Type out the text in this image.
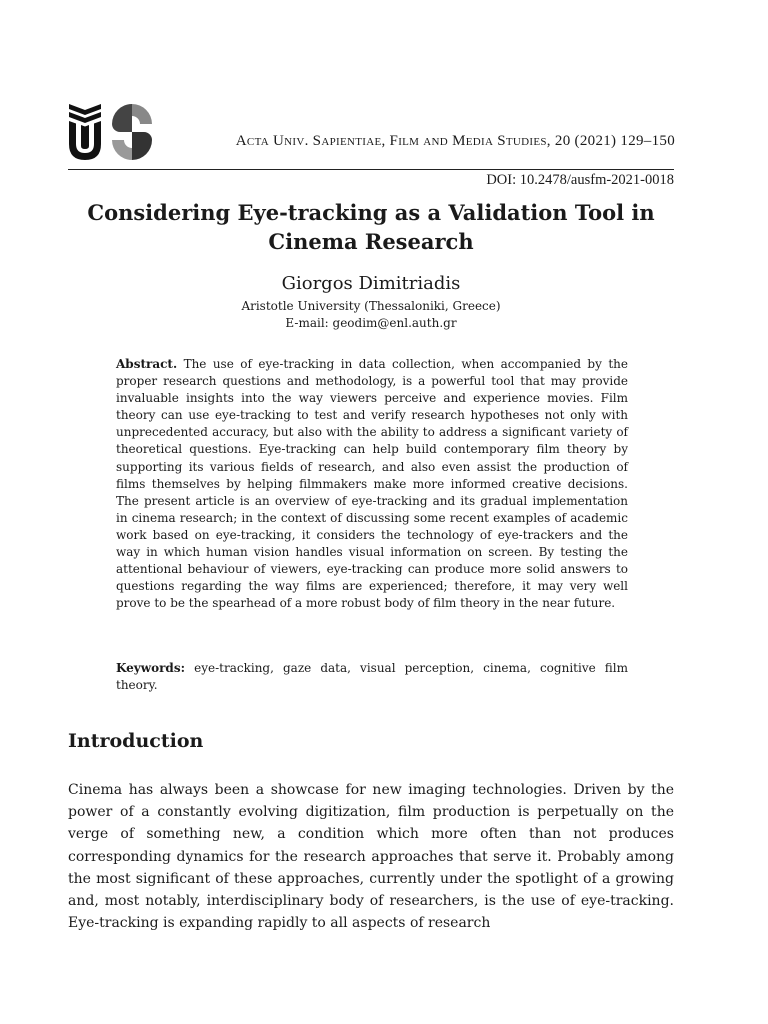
Acta Univ. Sapientiae, Film and Media Studies, 20 (2021) 129–150
DOI: 10.2478/ausfm-2021-0018
Considering Eye-tracking as a Validation Tool in Cinema Research
Giorgos Dimitriadis
Aristotle University (Thessaloniki, Greece)
E-mail: geodim@enl.auth.gr

Abstract. The use of eye-tracking in data collection, when accompanied by the proper research questions and methodology, is a powerful tool that may provide invaluable insights into the way viewers perceive and experience movies. Film theory can use eye-tracking to test and verify research hypotheses not only with unprecedented accuracy, but also with the ability to address a significant variety of theoretical questions. Eye-tracking can help build contemporary film theory by supporting its various fields of research, and also even assist the production of films themselves by helping filmmakers make more informed creative decisions. The present article is an overview of eye-tracking and its gradual implementation in cinema research; in the context of discussing some recent examples of academic work based on eye-tracking, it considers the technology of eye-trackers and the way in which human vision handles visual information on screen. By testing the attentional behaviour of viewers, eye-tracking can produce more solid answers to questions regarding the way films are experienced; therefore, it may very well prove to be the spearhead of a more robust body of film theory in the near future.

Keywords: eye-tracking, gaze data, visual perception, cinema, cognitive film theory.

Introduction

Cinema has always been a showcase for new imaging technologies. Driven by the power of a constantly evolving digitization, film production is perpetually on the verge of something new, a condition which more often than not produces corresponding dynamics for the research approaches that serve it. Probably among the most significant of these approaches, currently under the spotlight of a growing and, most notably, interdisciplinary body of researchers, is the use of eye-tracking. Eye-tracking is expanding rapidly to all aspects of research
